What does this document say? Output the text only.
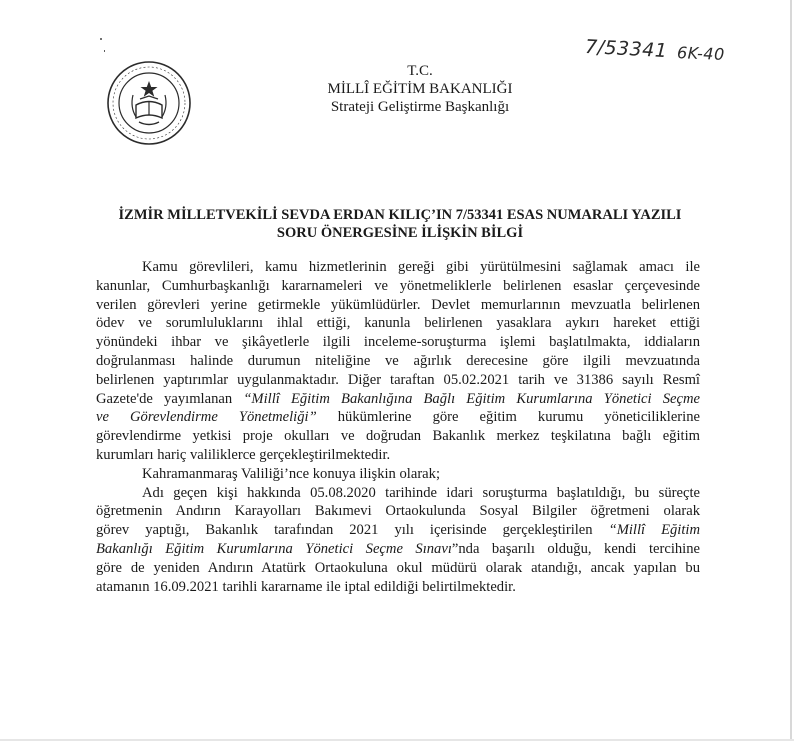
T.C.
MİLLÎ EĞİTİM BAKANLIĞI
Strateji Geliştirme Başkanlığı
7/53341 6K-40
İZMİR MİLLETVEKİLİ SEVDA ERDAN KILIÇ’IN 7/53341 ESAS NUMARALI YAZILI
SORU ÖNERGESİNE İLİŞKİN BİLGİ
Kamu görevlileri, kamu hizmetlerinin gereği gibi yürütülmesini sağlamak amacı ile
kanunlar, Cumhurbaşkanlığı kararnameleri ve yönetmeliklerle belirlenen esaslar çerçevesinde
verilen görevleri yerine getirmekle yükümlüdürler. Devlet memurlarının mevzuatla belirlenen
ödev ve sorumluluklarını ihlal ettiği, kanunla belirlenen yasaklara aykırı hareket ettiği
yönündeki ihbar ve şikâyetlerle ilgili inceleme-soruşturma işlemi başlatılmakta, iddiaların
doğrulanması halinde durumun niteliğine ve ağırlık derecesine göre ilgili mevzuatında
belirlenen yaptırımlar uygulanmaktadır. Diğer taraftan 05.02.2021 tarih ve 31386 sayılı Resmî
Gazete'de yayımlanan “Millî Eğitim Bakanlığına Bağlı Eğitim Kurumlarına Yönetici Seçme
ve Görevlendirme Yönetmeliği” hükümlerine göre eğitim kurumu yöneticiliklerine
görevlendirme yetkisi proje okulları ve doğrudan Bakanlık merkez teşkilatına bağlı eğitim
kurumları hariç valiliklerce gerçekleştirilmektedir.
Kahramanmaraş Valiliği’nce konuya ilişkin olarak;
Adı geçen kişi hakkında 05.08.2020 tarihinde idari soruşturma başlatıldığı, bu süreçte
öğretmenin Andırın Karayolları Bakımevi Ortaokulunda Sosyal Bilgiler öğretmeni olarak
görev yaptığı, Bakanlık tarafından 2021 yılı içerisinde gerçekleştirilen “Millî Eğitim
Bakanlığı Eğitim Kurumlarına Yönetici Seçme Sınavı”nda başarılı olduğu, kendi tercihine
göre de yeniden Andırın Atatürk Ortaokuluna okul müdürü olarak atandığı, ancak yapılan bu
atamanın 16.09.2021 tarihli kararname ile iptal edildiği belirtilmektedir.
